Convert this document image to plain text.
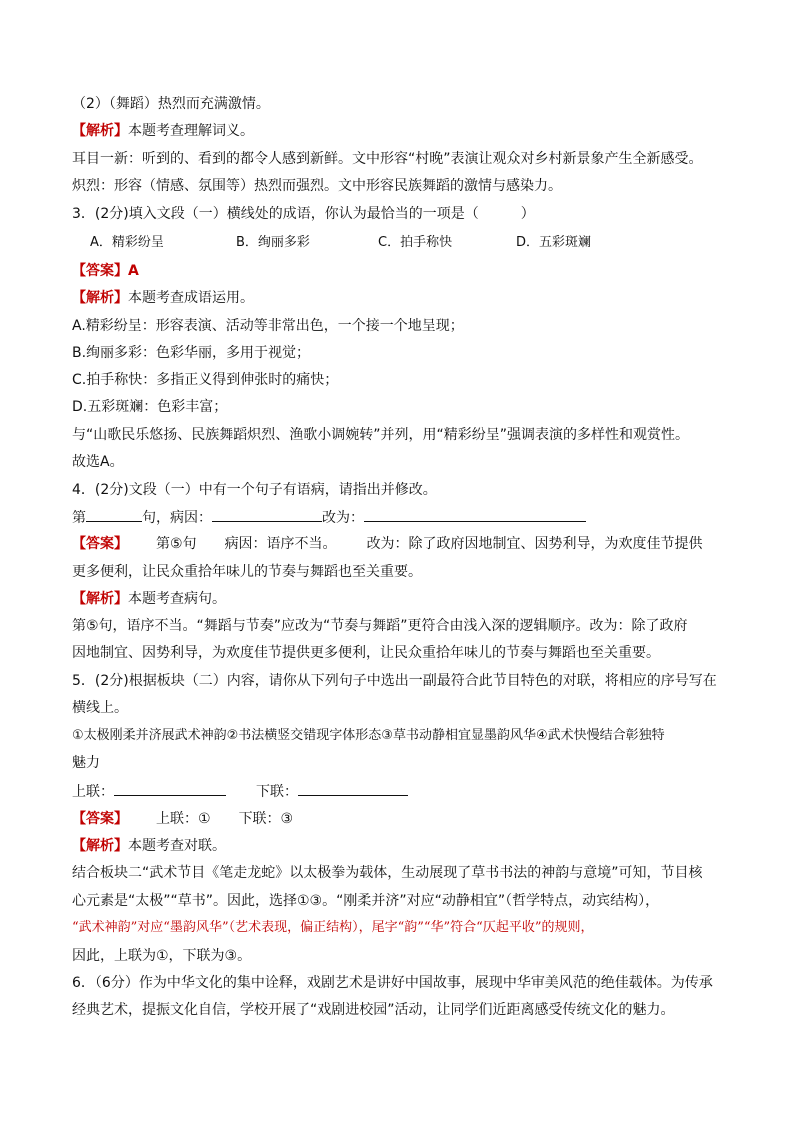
（2）（舞蹈）热烈而充满激情。
【解析】本题考查理解词义。
耳目一新：听到的、看到的都令人感到新鲜。文中形容“村晚”表演让观众对乡村新景象产生全新感受。
炽烈：形容（情感、氛围等）热烈而强烈。文中形容民族舞蹈的激情与感染力。
3．(2分)填入文段（一）横线处的成语，你认为最恰当的一项是（　　　）
A．精彩纷呈	B．绚丽多彩	C．拍手称快	D．五彩斑斓
【答案】A
【解析】本题考查成语运用。
A.精彩纷呈：形容表演、活动等非常出色，一个接一个地呈现；
B.绚丽多彩：色彩华丽，多用于视觉；
C.拍手称快：多指正义得到伸张时的痛快；
D.五彩斑斓：色彩丰富；
与“山歌民乐悠扬、民族舞蹈炽烈、渔歌小调婉转”并列，用“精彩纷呈”强调表演的多样性和观赏性。
故选A。
4．(2分)文段（一）中有一个句子有语病，请指出并修改。
第	句，病因：	改为：
【答案】 第⑤句 病因：语序不当。 改为：除了政府因地制宜、因势利导，为欢度佳节提供
更多便利，让民众重拾年味儿的节奏与舞蹈也至关重要。
【解析】本题考查病句。
第⑤句，语序不当。“舞蹈与节奏”应改为“节奏与舞蹈”更符合由浅入深的逻辑顺序。改为：除了政府
因地制宜、因势利导，为欢度佳节提供更多便利，让民众重拾年味儿的节奏与舞蹈也至关重要。
5．(2分)根据板块（二）内容，请你从下列句子中选出一副最符合此节目特色的对联，将相应的序号写在
横线上。
①太极刚柔并济展武术神韵②书法横竖交错现字体形态③草书动静相宜显墨韵风华④武术快慢结合彰独特
魅力
上联：	下联：
【答案】 上联：① 下联：③
【解析】本题考查对联。
结合板块二“武术节目《笔走龙蛇》以太极拳为载体，生动展现了草书书法的神韵与意境”可知，节目核
心元素是“太极”“草书”。因此，选择①③。“刚柔并济”对应“动静相宜”（哲学特点，动宾结构），
“武术神韵”对应“墨韵风华”（艺术表现，偏正结构），尾字“韵”“华”符合“仄起平收”的规则，
因此，上联为①，下联为③。
6．（6分）作为中华文化的集中诠释，戏剧艺术是讲好中国故事，展现中华审美风范的绝佳载体。为传承
经典艺术，提振文化自信，学校开展了“戏剧进校园”活动，让同学们近距离感受传统文化的魅力。
